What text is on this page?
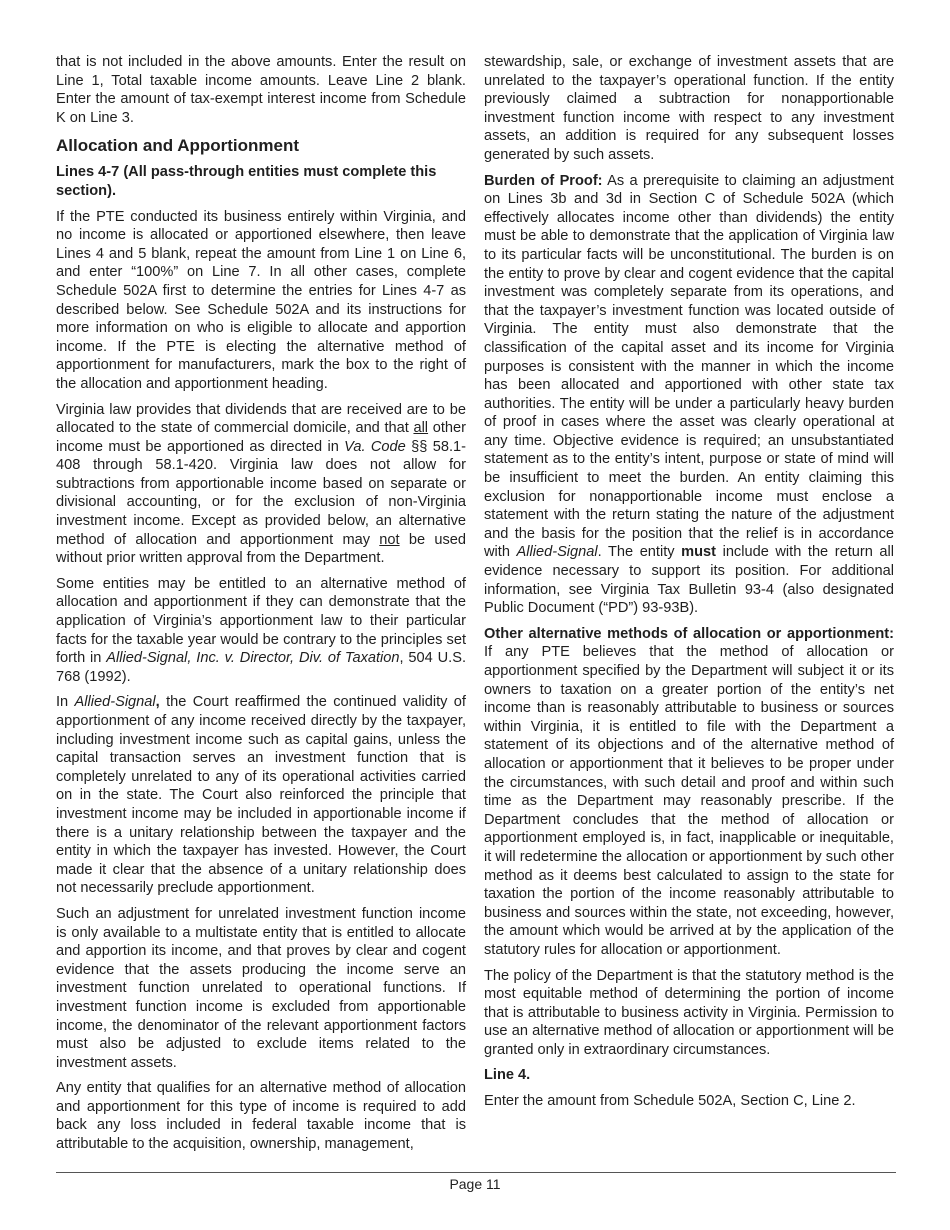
that is not included in the above amounts. Enter the result on Line 1, Total taxable income amounts. Leave Line 2 blank. Enter the amount of tax-exempt interest income from Schedule K on Line 3.

Allocation and Apportionment
Lines 4-7 (All pass-through entities must complete this section).

If the PTE conducted its business entirely within Virginia, and no income is allocated or apportioned elsewhere, then leave Lines 4 and 5 blank, repeat the amount from Line 1 on Line 6, and enter “100%” on Line 7. In all other cases, complete Schedule 502A first to determine the entries for Lines 4-7 as described below. See Schedule 502A and its instructions for more information on who is eligible to allocate and apportion income. If the PTE is electing the alternative method of apportionment for manufacturers, mark the box to the right of the allocation and apportionment heading.

Virginia law provides that dividends that are received are to be allocated to the state of commercial domicile, and that all other income must be apportioned as directed in Va. Code §§ 58.1-408 through 58.1-420. Virginia law does not allow for subtractions from apportionable income based on separate or divisional accounting, or for the exclusion of non-Virginia investment income. Except as provided below, an alternative method of allocation and apportionment may not be used without prior written approval from the Department.

Some entities may be entitled to an alternative method of allocation and apportionment if they can demonstrate that the application of Virginia’s apportionment law to their particular facts for the taxable year would be contrary to the principles set forth in Allied-Signal, Inc. v. Director, Div. of Taxation, 504 U.S. 768 (1992).

In Allied-Signal, the Court reaffirmed the continued validity of apportionment of any income received directly by the taxpayer, including investment income such as capital gains, unless the capital transaction serves an investment function that is completely unrelated to any of its operational activities carried on in the state. The Court also reinforced the principle that investment income may be included in apportionable income if there is a unitary relationship between the taxpayer and the entity in which the taxpayer has invested. However, the Court made it clear that the absence of a unitary relationship does not necessarily preclude apportionment.

Such an adjustment for unrelated investment function income is only available to a multistate entity that is entitled to allocate and apportion its income, and that proves by clear and cogent evidence that the assets producing the income serve an investment function unrelated to operational functions. If investment function income is excluded from apportionable income, the denominator of the relevant apportionment factors must also be adjusted to exclude items related to the investment assets.

Any entity that qualifies for an alternative method of allocation and apportionment for this type of income is required to add back any loss included in federal taxable income that is attributable to the acquisition, ownership, management,

stewardship, sale, or exchange of investment assets that are unrelated to the taxpayer’s operational function. If the entity previously claimed a subtraction for nonapportionable investment function income with respect to any investment assets, an addition is required for any subsequent losses generated by such assets.

Burden of Proof: As a prerequisite to claiming an adjustment on Lines 3b and 3d in Section C of Schedule 502A (which effectively allocates income other than dividends) the entity must be able to demonstrate that the application of Virginia law to its particular facts will be unconstitutional. The burden is on the entity to prove by clear and cogent evidence that the capital investment was completely separate from its operations, and that the taxpayer’s investment function was located outside of Virginia. The entity must also demonstrate that the classification of the capital asset and its income for Virginia purposes is consistent with the manner in which the income has been allocated and apportioned with other state tax authorities. The entity will be under a particularly heavy burden of proof in cases where the asset was clearly operational at any time. Objective evidence is required; an unsubstantiated statement as to the entity’s intent, purpose or state of mind will be insufficient to meet the burden. An entity claiming this exclusion for nonapportionable income must enclose a statement with the return stating the nature of the adjustment and the basis for the position that the relief is in accordance with Allied-Signal. The entity must include with the return all evidence necessary to support its position. For additional information, see Virginia Tax Bulletin 93-4 (also designated Public Document (“PD”) 93-93B).

Other alternative methods of allocation or apportionment: If any PTE believes that the method of allocation or apportionment specified by the Department will subject it or its owners to taxation on a greater portion of the entity’s net income than is reasonably attributable to business or sources within Virginia, it is entitled to file with the Department a statement of its objections and of the alternative method of allocation or apportionment that it believes to be proper under the circumstances, with such detail and proof and within such time as the Department may reasonably prescribe. If the Department concludes that the method of allocation or apportionment employed is, in fact, inapplicable or inequitable, it will redetermine the allocation or apportionment by such other method as it deems best calculated to assign to the state for taxation the portion of the income reasonably attributable to business and sources within the state, not exceeding, however, the amount which would be arrived at by the application of the statutory rules for allocation or apportionment.

The policy of the Department is that the statutory method is the most equitable method of determining the portion of income that is attributable to business activity in Virginia. Permission to use an alternative method of allocation or apportionment will be granted only in extraordinary circumstances.

Line 4.

Enter the amount from Schedule 502A, Section C, Line 2.

Page 11
